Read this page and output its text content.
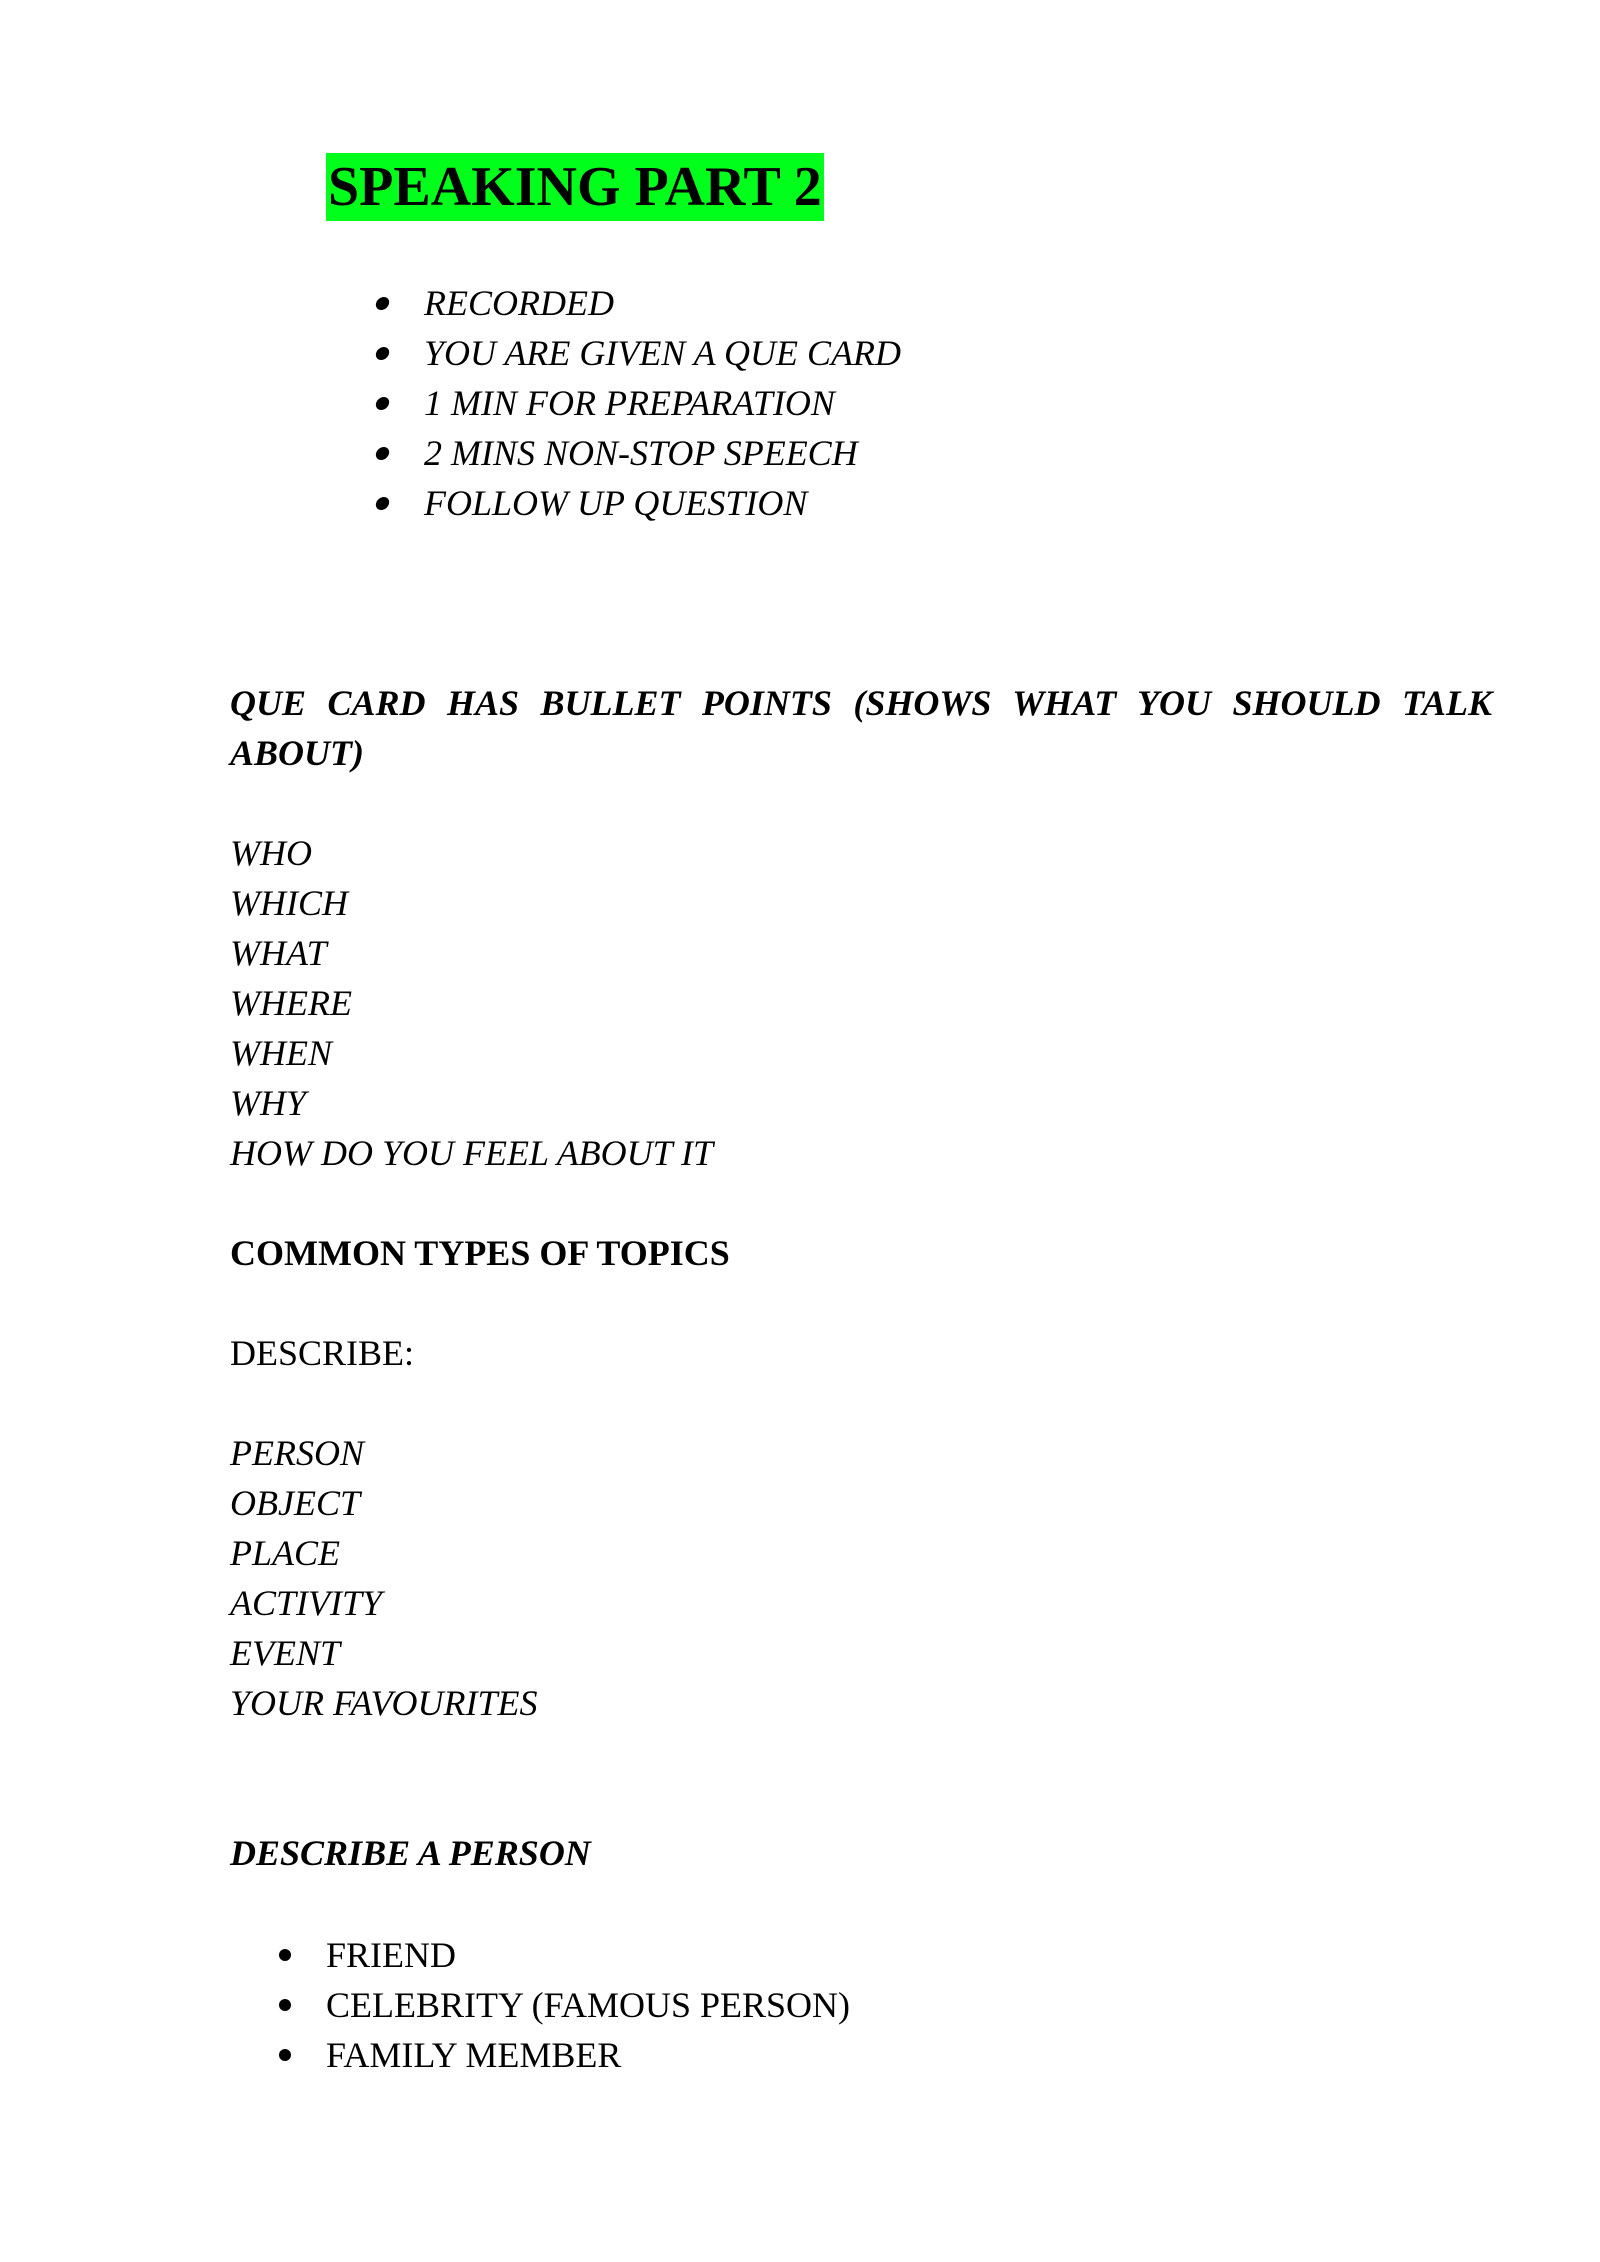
SPEAKING PART 2
RECORDED
YOU ARE GIVEN A QUE CARD
1 MIN FOR PREPARATION
2 MINS NON-STOP SPEECH
FOLLOW UP QUESTION
QUE CARD HAS BULLET POINTS (SHOWS WHAT YOU SHOULD TALK ABOUT)
WHO
WHICH
WHAT
WHERE
WHEN
WHY
HOW DO YOU FEEL ABOUT IT
COMMON TYPES OF TOPICS
DESCRIBE:
PERSON
OBJECT
PLACE
ACTIVITY
EVENT
YOUR FAVOURITES
DESCRIBE A PERSON
FRIEND
CELEBRITY (FAMOUS PERSON)
FAMILY MEMBER
